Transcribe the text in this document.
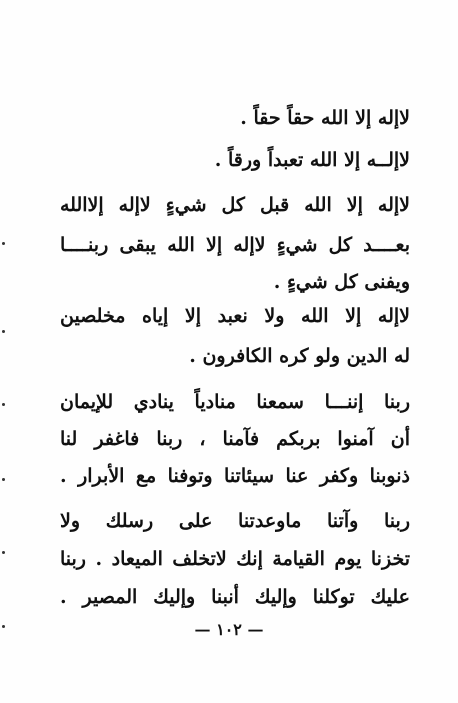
لاإله إلا الله حقاً حقاً .
لاإلــه إلا الله تعبداً ورقاً .
لاإله إلا الله قبل كل شيءٍ لاإله إلاالله
بعــــد كل شيءٍ لاإله إلا الله يبقى ربنــــا
ويفنى كل شيءٍ .
لاإله إلا الله ولا نعبد إلا إياه مخلصين
له الدين ولو كره الكافرون .
ربنا إننـــا سمعنا منادياً ينادي للإيمان
أن آمنوا بربكم فآمنا ، ربنا فاغفر لنا
ذنوبنا وكفر عنا سيئاتنا وتوفنا مع الأبرار .
ربنا وآتنا ماوعدتنا على رسلك ولا
تخزنا يوم القيامة إنك لاتخلف الميعاد . ربنا
عليك توكلنا وإليك أنبنا وإليك المصير .
— ١٠٢ —
